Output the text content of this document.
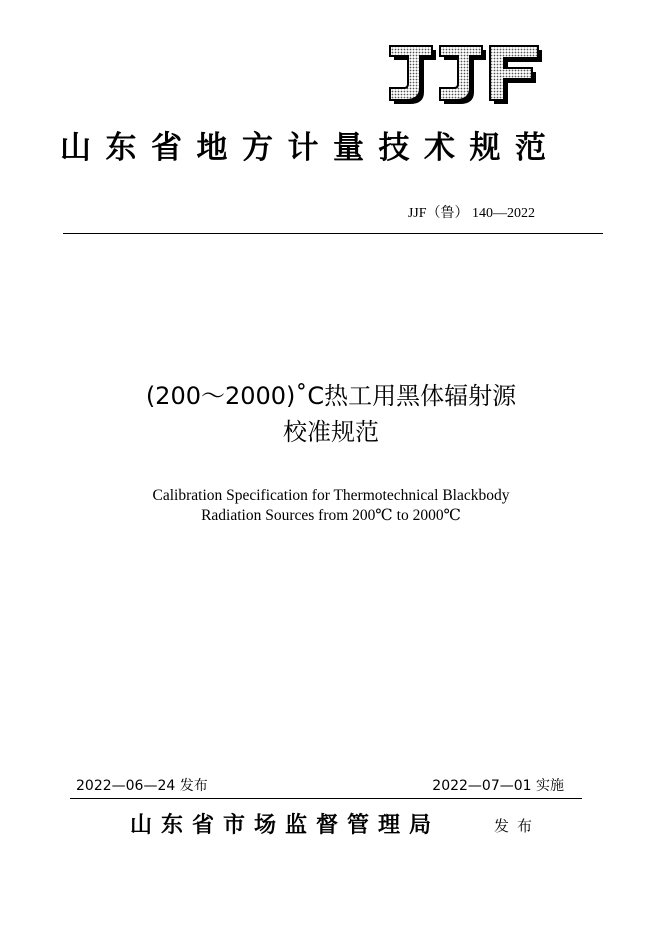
山东省地方计量技术规范
JJF（鲁） 140—2022
(200～2000)˚C热工用黑体辐射源
校准规范
Calibration Specification for Thermotechnical Blackbody
Radiation Sources from 200℃ to 2000℃
2022—06—24 发布	2022—07—01 实施
山东省市场监督管理局	发布
